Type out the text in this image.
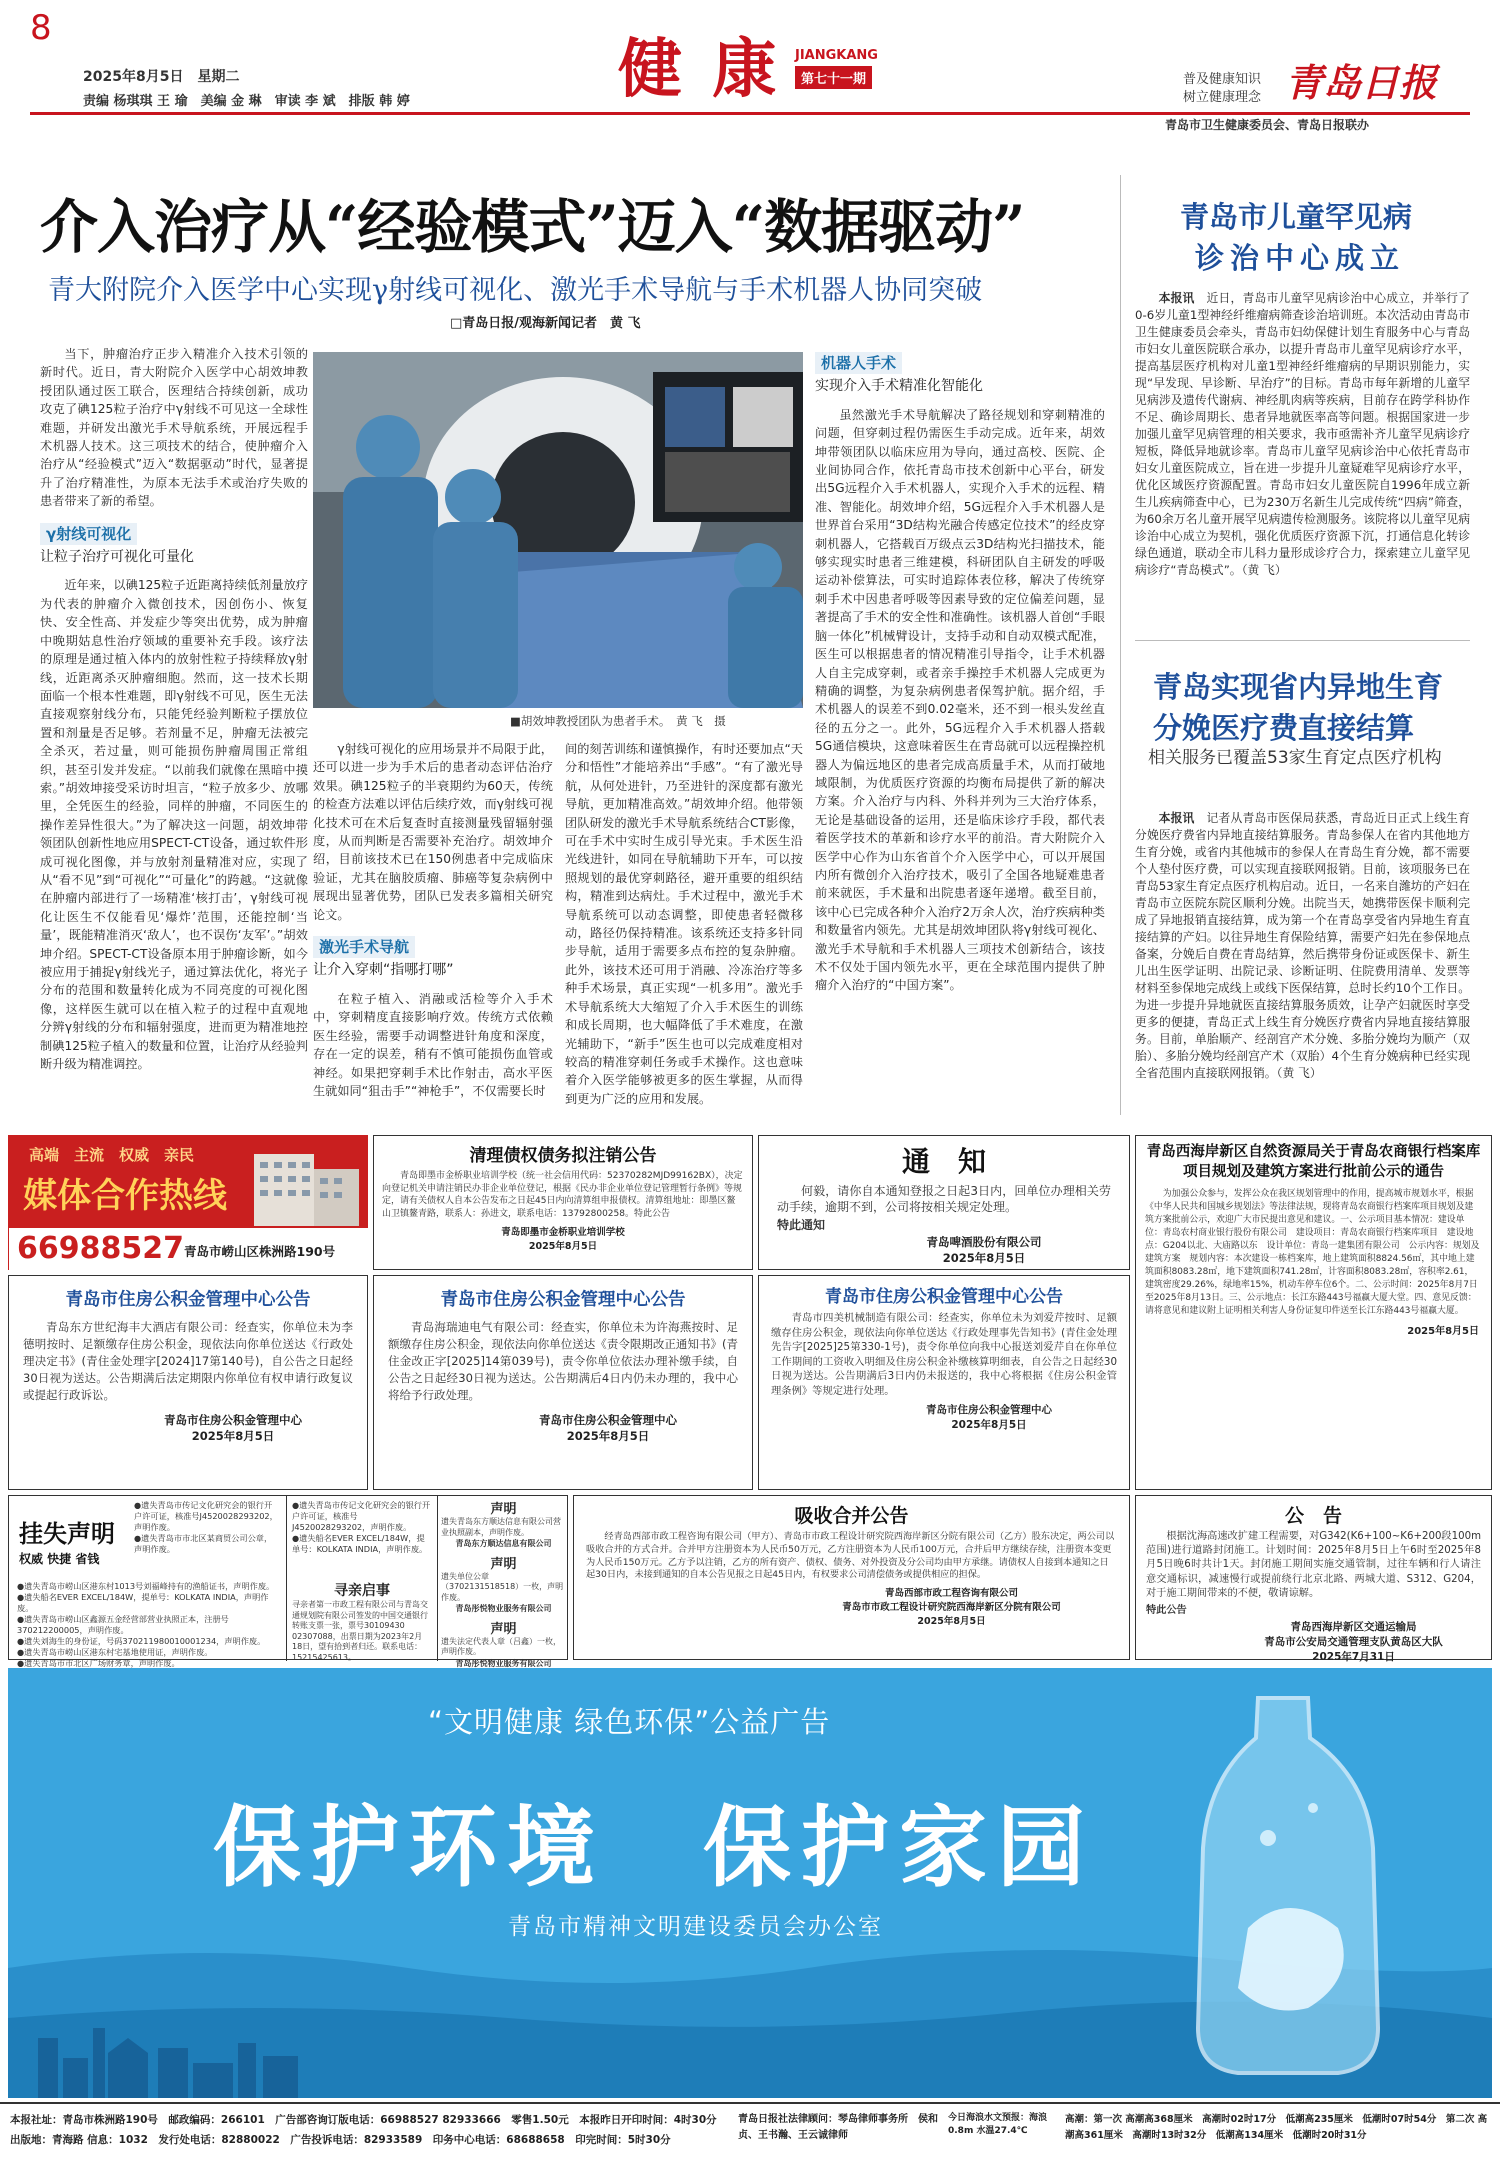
8
2025年8月5日　星期二
责编 杨琪琪 王 瑜　美编 金 琳　审读 李 斌　排版 韩 婷	健 康 JIANGKANG
第七十一期	普及健康知识
树立健康理念 青岛日报
青岛市卫生健康委员会、青岛日报联办
介入治疗从“经验模式”迈入“数据驱动”
青大附院介入医学中心实现γ射线可视化、激光手术导航与手术机器人协同突破
□青岛日报/观海新闻记者　黄 飞

当下，肿瘤治疗正步入精准介入技术引领的新时代。近日，青大附院介入医学中心胡效坤教授团队通过医工联合，医理结合持续创新，成功攻克了碘125粒子治疗中γ射线不可见这一全球性难题，并研发出激光手术导航系统，开展远程手术机器人技术。这三项技术的结合，使肿瘤介入治疗从“经验模式”迈入“数据驱动”时代，显著提升了治疗精准性，为原本无法手术或治疗失败的患者带来了新的希望。

γ射线可视化
让粒子治疗可视化可量化

近年来，以碘125粒子近距离持续低剂量放疗为代表的肿瘤介入微创技术，因创伤小、恢复快、安全性高、并发症少等突出优势，成为肿瘤中晚期姑息性治疗领域的重要补充手段。该疗法的原理是通过植入体内的放射性粒子持续释放γ射线，近距离杀灭肿瘤细胞。然而，这一技术长期面临一个根本性难题，即γ射线不可见，医生无法直接观察射线分布，只能凭经验判断粒子摆放位置和剂量是否足够。若剂量不足，肿瘤无法被完全杀灭，若过量，则可能损伤肿瘤周围正常组织，甚至引发并发症。“以前我们就像在黑暗中摸索。”胡效坤接受采访时坦言，“粒子放多少、放哪里，全凭医生的经验，同样的肿瘤，不同医生的操作差异性很大。”为了解决这一问题，胡效坤带领团队创新性地应用SPECT-CT设备，通过软件形成可视化图像，并与放射剂量精准对应，实现了从“看不见”到“可视化”“可量化”的跨越。“这就像在肿瘤内部进行了一场精准‘核打击’，γ射线可视化让医生不仅能看见‘爆炸’范围，还能控制‘当量’，既能精准消灭‘敌人’，也不误伤‘友军’。”胡效坤介绍。SPECT-CT设备原本用于肿瘤诊断，如今被应用于捕捉γ射线光子，通过算法优化，将光子分布的范围和数量转化成为不同亮度的可视化图像，这样医生就可以在植入粒子的过程中直观地分辨γ射线的分布和辐射强度，进而更为精准地控制碘125粒子植入的数量和位置，让治疗从经验判断升级为精准调控。

■胡效坤教授团队为患者手术。　黄 飞　摄

γ射线可视化的应用场景并不局限于此，还可以进一步为手术后的患者动态评估治疗效果。碘125粒子的半衰期约为60天，传统的检查方法难以评估后续疗效，而γ射线可视化技术可在术后复查时直接测量残留辐射强度，从而判断是否需要补充治疗。胡效坤介绍，目前该技术已在150例患者中完成临床验证，尤其在脑胶质瘤、肺癌等复杂病例中展现出显著优势，团队已发表多篇相关研究论文。

激光手术导航
让介入穿刺“指哪打哪”

在粒子植入、消融或活检等介入手术中，穿刺精度直接影响疗效。传统方式依赖医生经验，需要手动调整进针角度和深度，存在一定的误差，稍有不慎可能损伤血管或神经。如果把穿刺手术比作射击，高水平医生就如同“狙击手”“神枪手”，不仅需要长时

间的刻苦训练和谨慎操作，有时还要加点“天分和悟性”才能培养出“手感”。“有了激光导航，从何处进针，乃至进针的深度都有激光导航，更加精准高效。”胡效坤介绍。他带领团队研发的激光手术导航系统结合CT影像，可在手术中实时生成引导光束。手术医生沿光线进针，如同在导航辅助下开车，可以按照规划的最优穿刺路径，避开重要的组织结构，精准到达病灶。手术过程中，激光手术导航系统可以动态调整，即使患者轻微移动，路径仍保持精准。该系统还支持多针同步导航，适用于需要多点布控的复杂肿瘤。此外，该技术还可用于消融、冷冻治疗等多种手术场景，真正实现“一机多用”。激光手术导航系统大大缩短了介入手术医生的训练和成长周期，也大幅降低了手术难度，在激光辅助下，“新手”医生也可以完成难度相对较高的精准穿刺任务或手术操作。这也意味着介入医学能够被更多的医生掌握，从而得到更为广泛的应用和发展。

机器人手术
实现介入手术精准化智能化

虽然激光手术导航解决了路径规划和穿刺精准的问题，但穿刺过程仍需医生手动完成。近年来，胡效坤带领团队以临床应用为导向，通过高校、医院、企业间协同合作，依托青岛市技术创新中心平台，研发出5G远程介入手术机器人，实现介入手术的远程、精准、智能化。胡效坤介绍，5G远程介入手术机器人是世界首台采用“3D结构光融合传感定位技术”的经皮穿刺机器人，它搭载百万级点云3D结构光扫描技术，能够实现实时患者三维建模，科研团队自主研发的呼吸运动补偿算法，可实时追踪体表位移，解决了传统穿刺手术中因患者呼吸等因素导致的定位偏差问题，显著提高了手术的安全性和准确性。该机器人首创“手眼脑一体化”机械臂设计，支持手动和自动双模式配准，医生可以根据患者的情况精准引导指令，让手术机器人自主完成穿刺，或者亲手操控手术机器人完成更为精确的调整，为复杂病例患者保驾护航。据介绍，手术机器人的误差不到0.02毫米，还不到一根头发丝直径的五分之一。此外，5G远程介入手术机器人搭载5G通信模块，这意味着医生在青岛就可以远程操控机器人为偏远地区的患者完成高质量手术，从而打破地域限制，为优质医疗资源的均衡布局提供了新的解决方案。介入治疗与内科、外科并列为三大治疗体系，无论是基础设备的运用，还是临床诊疗手段，都代表着医学技术的革新和诊疗水平的前沿。青大附院介入医学中心作为山东省首个介入医学中心，可以开展国内所有微创介入治疗技术，吸引了全国各地疑难患者前来就医，手术量和出院患者逐年递增。截至目前，该中心已完成各种介入治疗2万余人次，治疗疾病种类和数量省内领先。尤其是胡效坤团队将γ射线可视化、激光手术导航和手术机器人三项技术创新结合，该技术不仅处于国内领先水平，更在全球范围内提供了肿瘤介入治疗的“中国方案”。

青岛市儿童罕见病
诊治中心成立

本报讯　 近日，青岛市儿童罕见病诊治中心成立，并举行了0-6岁儿童1型神经纤维瘤病筛查诊治培训班。本次活动由青岛市卫生健康委员会牵头，青岛市妇幼保健计划生育服务中心与青岛市妇女儿童医院联合承办，以提升青岛市儿童罕见病诊疗水平，提高基层医疗机构对儿童1型神经纤维瘤病的早期识别能力，实现“早发现、早诊断、早治疗”的目标。青岛市每年新增的儿童罕见病涉及遗传代谢病、神经肌肉病等疾病，目前存在跨学科协作不足、确诊周期长、患者异地就医率高等问题。根据国家进一步加强儿童罕见病管理的相关要求，我市亟需补齐儿童罕见病诊疗短板，降低异地就诊率。青岛市儿童罕见病诊治中心依托青岛市妇女儿童医院成立，旨在进一步提升儿童疑难罕见病诊疗水平，优化区域医疗资源配置。青岛市妇女儿童医院自1996年成立新生儿疾病筛查中心，已为230万名新生儿完成传统“四病”筛查，为60余万名儿童开展罕见病遗传检测服务。该院将以儿童罕见病诊治中心成立为契机，强化优质医疗资源下沉，打通信息化转诊绿色通道，联动全市儿科力量形成诊疗合力，探索建立儿童罕见病诊疗“青岛模式”。（黄 飞）

青岛实现省内异地生育
分娩医疗费直接结算
相关服务已覆盖53家生育定点医疗机构

本报讯　 记者从青岛市医保局获悉，青岛近日正式上线生育分娩医疗费省内异地直接结算服务。青岛参保人在省内其他地方生育分娩，或省内其他城市的参保人在青岛生育分娩，都不需要个人垫付医疗费，可以实现直接联网报销。目前，该项服务已在青岛53家生育定点医疗机构启动。近日，一名来自潍坊的产妇在青岛市立医院东院区顺利分娩。出院当天，她携带医保卡顺利完成了异地报销直接结算，成为第一个在青岛享受省内异地生育直接结算的产妇。以往异地生育保险结算，需要产妇先在参保地点备案，分娩后自费在青岛结算，然后携带身份证或医保卡、新生儿出生医学证明、出院记录、诊断证明、住院费用清单、发票等材料至参保地完成线上或线下医保结算，总时长约10个工作日。为进一步提升异地就医直接结算服务质效，让孕产妇就医时享受更多的便捷，青岛正式上线生育分娩医疗费省内异地直接结算服务。目前，单胎顺产、经剖宫产术分娩、多胎分娩均为顺产（双胎）、多胎分娩均经剖宫产术（双胎）4个生育分娩病种已经实现全省范围内直接联网报销。（黄 飞）

高端　主流　权威　亲民
媒体合作热线
66988527 青岛市崂山区株洲路190号
清理债权债务拟注销公告
青岛即墨市金桥职业培训学校（统一社会信用代码：52370282MJD99162BX），决定向登记机关申请注销民办非企业单位登记，根据《民办非企业单位登记管理暂行条例》等规定，请有关债权人自本公告发布之日起45日内向清算组申报债权。清算组地址：即墨区鳌山卫镇鳌青路，联系人：孙进文，联系电话：13792800258。特此公告
青岛即墨市金桥职业培训学校
2025年8月5日
通　知
何毅，请你自本通知登报之日起3日内，回单位办理相关劳动手续，逾期不到，公司将按相关规定处理。
特此通知
青岛啤酒股份有限公司
2025年8月5日
青岛西海岸新区自然资源局关于青岛农商银行档案库项目规划及建筑方案进行批前公示的通告
为加强公众参与，发挥公众在我区规划管理中的作用，提高城市规划水平，根据《中华人民共和国城乡规划法》等法律法规，现将青岛农商银行档案库项目规划及建筑方案批前公示，欢迎广大市民提出意见和建议。一、公示项目基本情况：建设单位：青岛农村商业银行股份有限公司　建设项目：青岛农商银行档案库项目　建设地点：G204以北、大庙路以东　设计单位：青岛一建集团有限公司　公示内容：规划及建筑方案　规划内容：本次建设一栋档案库，地上建筑面积8824.56㎡，其中地上建筑面积8083.28㎡，地下建筑面积741.28㎡，计容面积8083.28㎡，容积率2.61，建筑密度29.26%，绿地率15%，机动车停车位6个。二、公示时间：2025年8月7日至2025年8月13日。三、公示地点：长江东路443号福赢大厦大堂。四、意见反馈：请将意见和建议附上证明相关利害人身份证复印件送至长江东路443号福赢大厦。
2025年8月5日
青岛市住房公积金管理中心公告
青岛东方世纪海丰大酒店有限公司：经查实，你单位未为李德明按时、足额缴存住房公积金，现依法向你单位送达《行政处理决定书》(青住金处理字[2024]17第140号)，自公告之日起经30日视为送达。公告期满后法定期限内你单位有权申请行政复议或提起行政诉讼。
青岛市住房公积金管理中心
2025年8月5日
青岛市住房公积金管理中心公告
青岛海瑞迪电气有限公司：经查实，你单位未为许海燕按时、足额缴存住房公积金，现依法向你单位送达《责令限期改正通知书》(青住金改正字[2025]14第039号)，责令你单位依法办理补缴手续，自公告之日起经30日视为送达。公告期满后4日内仍未办理的，我中心将给予行政处理。
青岛市住房公积金管理中心
2025年8月5日
青岛市住房公积金管理中心公告
青岛市四美机械制造有限公司：经查实，你单位未为刘爱芹按时、足额缴存住房公积金，现依法向你单位送达《行政处理事先告知书》(青住金处理先告字[2025]25第330-1号)，责令你单位向我中心报送刘爱芹自在你单位工作期间的工资收入明细及住房公积金补缴核算明细表，自公告之日起经30日视为送达。公告期满后3日内仍未报送的，我中心将根据《住房公积金管理条例》等规定进行处理。
青岛市住房公积金管理中心
2025年8月5日
挂失声明
权威 快捷 省钱
●遗失青岛市崂山区港东村1013号刘福峰持有的渔船证书，声明作废。
●遗失船名EVER EXCEL/184W，提单号：KOLKATA INDIA，声明作废。
●遗失青岛市崂山区鑫源五金经营部营业执照正本，注册号370212200005，声明作废。
●遗失刘海生的身份证，号码370211980010001234，声明作废。
●遗失青岛市崂山区港东村宅基地使用证，声明作废。
●遗失青岛市市北区广场财务章，声明作废。
●遗失青岛市传记文化研究会的银行开户许可证，核准号J4520028293202，声明作废。
●遗失青岛市市北区某商贸公司公章，声明作废。
●遗失青岛市传记文化研究会的银行开户许可证，核准号J4520028293202，声明作废。
●遗失船名EVER EXCEL/184W，提单号：KOLKATA INDIA，声明作废。
寻亲启事
寻亲者第一市政工程有限公司与青岛交通规划院有限公司签发的中国交通银行转账支票一张，票号30109430　02307088，出票日期为2023年2月18日，望有拾到者归还。联系电话：15215425613。
声明
遗失青岛东方顺达信息有限公司营业执照副本，声明作废。
青岛东方顺达信息有限公司
声明
遗失单位公章（3702131518518）一枚，声明作废。
青岛彤悦物业服务有限公司
声明
遗失法定代表人章（吕鑫）一枚，声明作废。
青岛彤悦物业服务有限公司
吸收合并公告
经青岛西部市政工程咨询有限公司（甲方）、青岛市市政工程设计研究院西海岸新区分院有限公司（乙方）股东决定，两公司以吸收合并的方式合并。合并甲方注册资本为人民币50万元，乙方注册资本为人民币100万元，合并后甲方继续存续，注册资本变更为人民币150万元。乙方予以注销，乙方的所有资产、债权、债务、对外投资及分公司均由甲方承继。请债权人自接到本通知之日起30日内，未接到通知的自本公告见报之日起45日内，有权要求公司清偿债务或提供相应的担保。
青岛西部市政工程咨询有限公司
青岛市市政工程设计研究院西海岸新区分院有限公司
2025年8月5日
公　告
根据沈海高速改扩建工程需要，对G342(K6+100~K6+200段100m范围)进行道路封闭施工。计划时间：2025年8月5日上午6时至2025年8月5日晚6时共计1天。封闭施工期间实施交通管制，过往车辆和行人请注意交通标识，减速慢行或提前绕行北京北路、两城大道、S312、G204，对于施工期间带来的不便，敬请谅解。
特此公告
青岛西海岸新区交通运输局
青岛市公安局交通管理支队黄岛区大队
2025年7月31日
“文明健康 绿色环保”公益广告
保护环境　保护家园
青岛市精神文明建设委员会办公室
本报社址：青岛市株洲路190号　邮政编码：266101　广告部咨询订版电话：66988527 82933666　零售1.50元　本报昨日开印时间：4时30分
出版地：青海路 信息：1032　发行处电话：82880022　广告投诉电话：82933589　印务中心电话：68688658　印完时间：5时30分
青岛日报社法律顾问：琴岛律师事务所　侯和贞、王书瀚、王云诚律师
今日海浪水文预报：海浪0.8m 水温27.4℃
高潮：第一次 高潮高368厘米　高潮时02时17分　低潮高235厘米　低潮时07时54分　第二次 高潮高361厘米　高潮时13时32分　低潮高134厘米　低潮时20时31分
